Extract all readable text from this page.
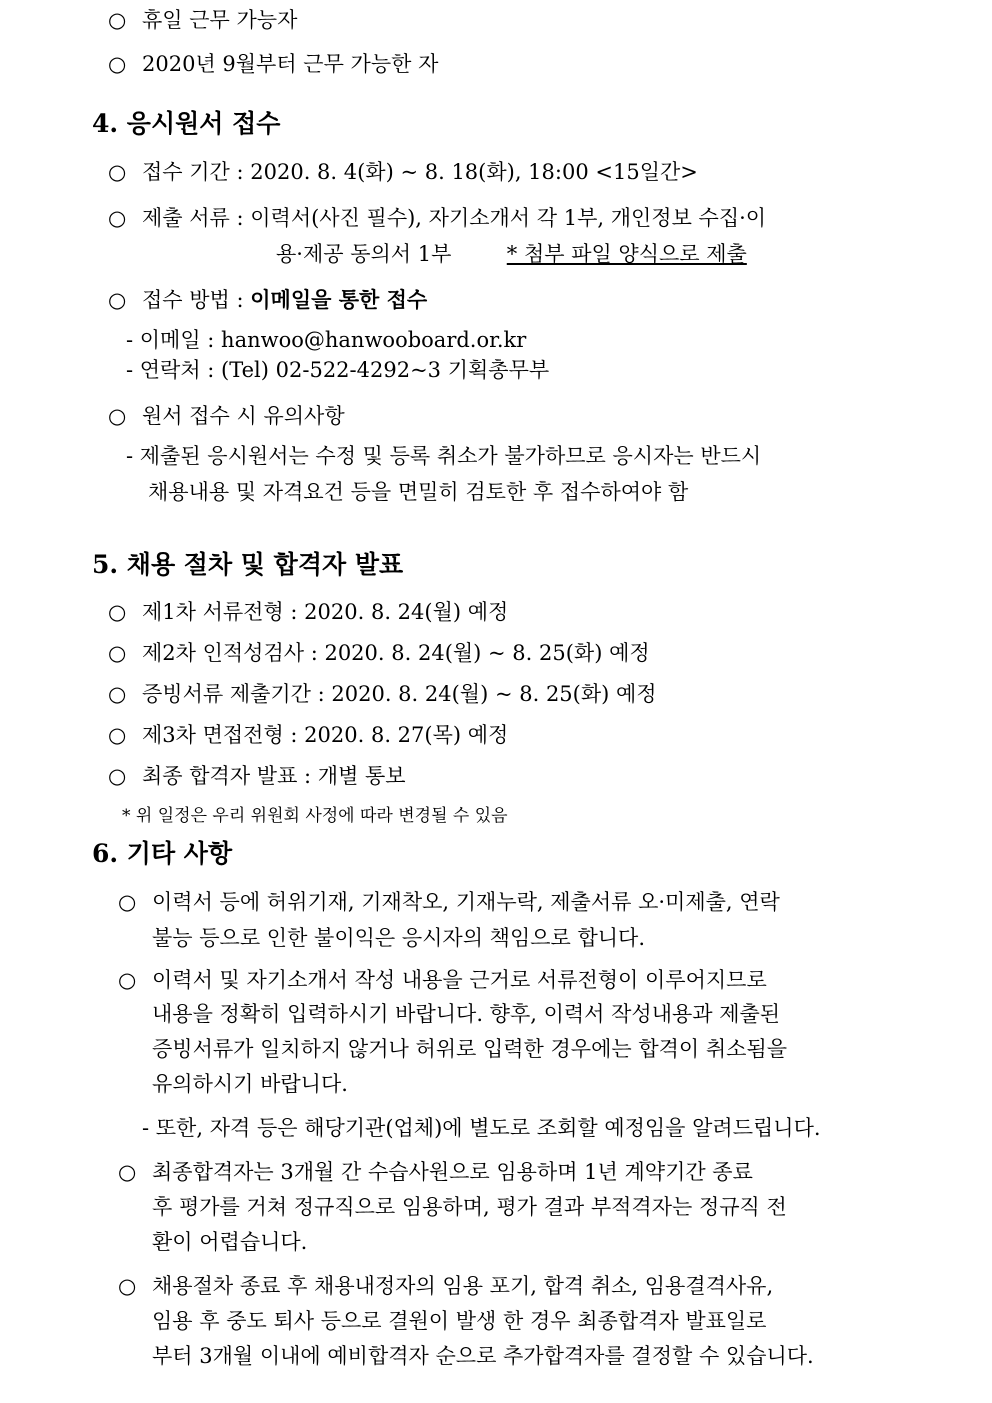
○ 휴일 근무 가능자
○ 2020년 9월부터 근무 가능한 자
4. 응시원서 접수
○ 접수 기간 : 2020. 8. 4(화) ~ 8. 18(화), 18:00 <15일간>
○ 제출 서류 : 이력서(사진 필수), 자기소개서 각 1부, 개인정보 수집·이
용·제공 동의서 1부	* 첨부 파일 양식으로 제출
○ 접수 방법 : 이메일을 통한 접수
- 이메일 : hanwoo@hanwooboard.or.kr
- 연락처 : (Tel) 02-522-4292~3 기획총무부
○ 원서 접수 시 유의사항
- 제출된 응시원서는 수정 및 등록 취소가 불가하므로 응시자는 반드시
채용내용 및 자격요건 등을 면밀히 검토한 후 접수하여야 함
5. 채용 절차 및 합격자 발표
○ 제1차 서류전형 : 2020. 8. 24(월) 예정
○ 제2차 인적성검사 : 2020. 8. 24(월) ~ 8. 25(화) 예정
○ 증빙서류 제출기간 : 2020. 8. 24(월) ~ 8. 25(화) 예정
○ 제3차 면접전형 : 2020. 8. 27(목) 예정
○ 최종 합격자 발표 : 개별 통보
* 위 일정은 우리 위원회 사정에 따라 변경될 수 있음
6. 기타 사항
○ 이력서 등에 허위기재, 기재착오, 기재누락, 제출서류 오·미제출, 연락
불능 등으로 인한 불이익은 응시자의 책임으로 합니다.
○ 이력서 및 자기소개서 작성 내용을 근거로 서류전형이 이루어지므로
내용을 정확히 입력하시기 바랍니다. 향후, 이력서 작성내용과 제출된
증빙서류가 일치하지 않거나 허위로 입력한 경우에는 합격이 취소됨을
유의하시기 바랍니다.
- 또한, 자격 등은 해당기관(업체)에 별도로 조회할 예정임을 알려드립니다.
○ 최종합격자는 3개월 간 수습사원으로 임용하며 1년 계약기간 종료
후 평가를 거쳐 정규직으로 임용하며, 평가 결과 부적격자는 정규직 전
환이 어렵습니다.
○ 채용절차 종료 후 채용내정자의 임용 포기, 합격 취소, 임용결격사유,
임용 후 중도 퇴사 등으로 결원이 발생 한 경우 최종합격자 발표일로
부터 3개월 이내에 예비합격자 순으로 추가합격자를 결정할 수 있습니다.
